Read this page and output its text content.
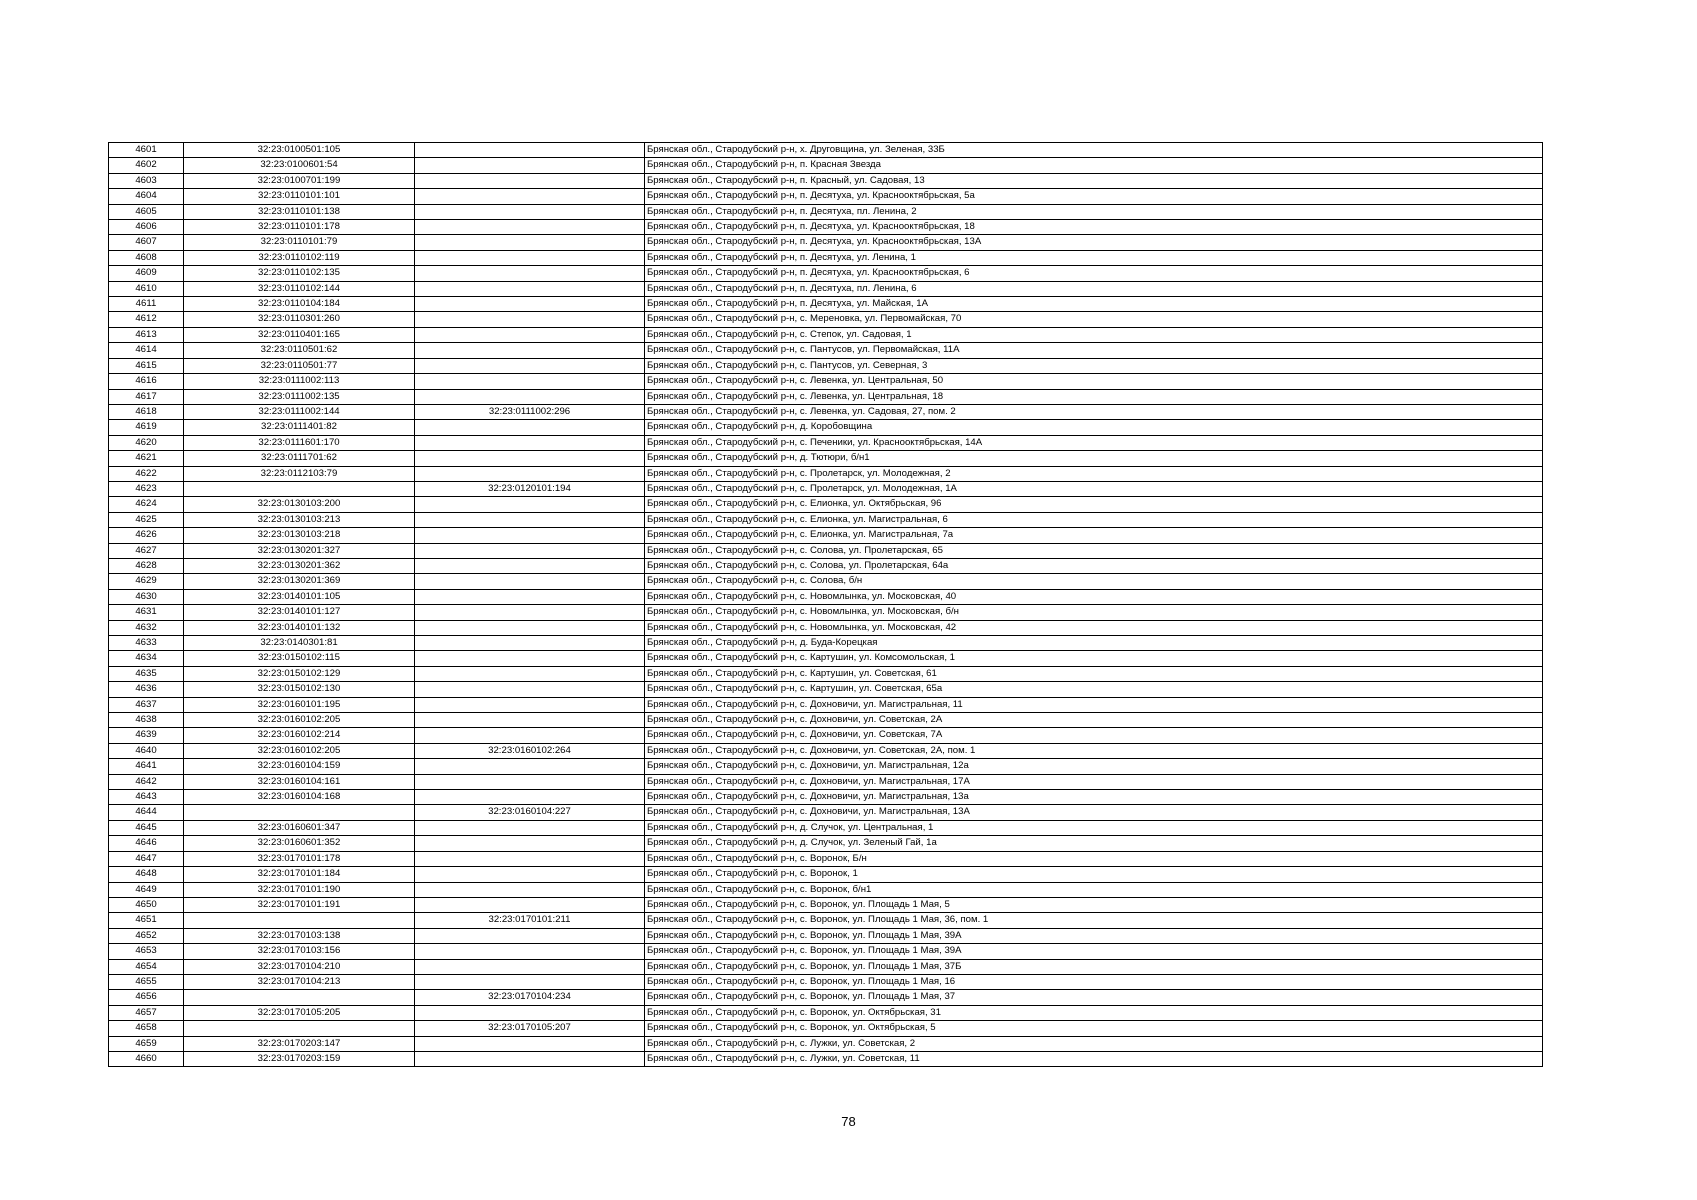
4601	32:23:0100501:105		Брянская обл., Стародубский р-н, х. Друговщина, ул. Зеленая, 33Б
4602	32:23:0100601:54		Брянская обл., Стародубский р-н, п. Красная Звезда
4603	32:23:0100701:199		Брянская обл., Стародубский р-н, п. Красный, ул. Садовая, 13
4604	32:23:0110101:101		Брянская обл., Стародубский р-н, п. Десятуха, ул. Краснооктябрьская, 5а
4605	32:23:0110101:138		Брянская обл., Стародубский р-н, п. Десятуха, пл. Ленина, 2
4606	32:23:0110101:178		Брянская обл., Стародубский р-н, п. Десятуха, ул. Краснооктябрьская, 18
4607	32:23:0110101:79		Брянская обл., Стародубский р-н, п. Десятуха, ул. Краснооктябрьская, 13А
4608	32:23:0110102:119		Брянская обл., Стародубский р-н, п. Десятуха, ул. Ленина, 1
4609	32:23:0110102:135		Брянская обл., Стародубский р-н, п. Десятуха, ул. Краснооктябрьская, 6
4610	32:23:0110102:144		Брянская обл., Стародубский р-н, п. Десятуха, пл. Ленина, 6
4611	32:23:0110104:184		Брянская обл., Стародубский р-н, п. Десятуха, ул. Майская, 1А
4612	32:23:0110301:260		Брянская обл., Стародубский р-н, с. Мереновка, ул. Первомайская, 70
4613	32:23:0110401:165		Брянская обл., Стародубский р-н, с. Степок, ул. Садовая, 1
4614	32:23:0110501:62		Брянская обл., Стародубский р-н, с. Пантусов, ул. Первомайская, 11А
4615	32:23:0110501:77		Брянская обл., Стародубский р-н, с. Пантусов, ул. Северная, 3
4616	32:23:0111002:113		Брянская обл., Стародубский р-н, с. Левенка, ул. Центральная, 50
4617	32:23:0111002:135		Брянская обл., Стародубский р-н, с. Левенка, ул. Центральная, 18
4618	32:23:0111002:144	32:23:0111002:296	Брянская обл., Стародубский р-н, с. Левенка, ул. Садовая, 27, пом. 2
4619	32:23:0111401:82		Брянская обл., Стародубский р-н, д. Коробовщина
4620	32:23:0111601:170		Брянская обл., Стародубский р-н, с. Печеники, ул. Краснооктябрьская, 14А
4621	32:23:0111701:62		Брянская обл., Стародубский р-н, д. Тютюри, б/н1
4622	32:23:0112103:79		Брянская обл., Стародубский р-н, с. Пролетарск, ул. Молодежная, 2
4623		32:23:0120101:194	Брянская обл., Стародубский р-н, с. Пролетарск, ул. Молодежная, 1А
4624	32:23:0130103:200		Брянская обл., Стародубский р-н, с. Елионка, ул. Октябрьская, 96
4625	32:23:0130103:213		Брянская обл., Стародубский р-н, с. Елионка, ул. Магистральная, 6
4626	32:23:0130103:218		Брянская обл., Стародубский р-н, с. Елионка, ул. Магистральная, 7а
4627	32:23:0130201:327		Брянская обл., Стародубский р-н, с. Солова, ул. Пролетарская, 65
4628	32:23:0130201:362		Брянская обл., Стародубский р-н, с. Солова, ул. Пролетарская, 64а
4629	32:23:0130201:369		Брянская обл., Стародубский р-н, с. Солова, б/н
4630	32:23:0140101:105		Брянская обл., Стародубский р-н, с. Новомлынка, ул. Московская, 40
4631	32:23:0140101:127		Брянская обл., Стародубский р-н, с. Новомлынка, ул. Московская, б/н
4632	32:23:0140101:132		Брянская обл., Стародубский р-н, с. Новомлынка, ул. Московская, 42
4633	32:23:0140301:81		Брянская обл., Стародубский р-н, д. Буда-Корецкая
4634	32:23:0150102:115		Брянская обл., Стародубский р-н, с. Картушин, ул. Комсомольская, 1
4635	32:23:0150102:129		Брянская обл., Стародубский р-н, с. Картушин, ул. Советская, 61
4636	32:23:0150102:130		Брянская обл., Стародубский р-н, с. Картушин, ул. Советская, 65а
4637	32:23:0160101:195		Брянская обл., Стародубский р-н, с. Дохновичи, ул. Магистральная, 11
4638	32:23:0160102:205		Брянская обл., Стародубский р-н, с. Дохновичи, ул. Советская, 2А
4639	32:23:0160102:214		Брянская обл., Стародубский р-н, с. Дохновичи, ул. Советская, 7А
4640	32:23:0160102:205	32:23:0160102:264	Брянская обл., Стародубский р-н, с. Дохновичи, ул. Советская, 2А, пом. 1
4641	32:23:0160104:159		Брянская обл., Стародубский р-н, с. Дохновичи, ул. Магистральная, 12а
4642	32:23:0160104:161		Брянская обл., Стародубский р-н, с. Дохновичи, ул. Магистральная, 17А
4643	32:23:0160104:168		Брянская обл., Стародубский р-н, с. Дохновичи, ул. Магистральная, 13а
4644		32:23:0160104:227	Брянская обл., Стародубский р-н, с. Дохновичи, ул. Магистральная, 13А
4645	32:23:0160601:347		Брянская обл., Стародубский р-н, д. Случок, ул. Центральная, 1
4646	32:23:0160601:352		Брянская обл., Стародубский р-н, д. Случок, ул. Зеленый Гай, 1а
4647	32:23:0170101:178		Брянская обл., Стародубский р-н, с. Воронок, Б/н
4648	32:23:0170101:184		Брянская обл., Стародубский р-н, с. Воронок, 1
4649	32:23:0170101:190		Брянская обл., Стародубский р-н, с. Воронок, б/н1
4650	32:23:0170101:191		Брянская обл., Стародубский р-н, с. Воронок, ул. Площадь 1 Мая, 5
4651		32:23:0170101:211	Брянская обл., Стародубский р-н, с. Воронок, ул. Площадь 1 Мая, 36, пом. 1
4652	32:23:0170103:138		Брянская обл., Стародубский р-н, с. Воронок, ул. Площадь 1 Мая, 39А
4653	32:23:0170103:156		Брянская обл., Стародубский р-н, с. Воронок, ул. Площадь 1 Мая, 39А
4654	32:23:0170104:210		Брянская обл., Стародубский р-н, с. Воронок, ул. Площадь 1 Мая, 37Б
4655	32:23:0170104:213		Брянская обл., Стародубский р-н, с. Воронок, ул. Площадь 1 Мая, 16
4656		32:23:0170104:234	Брянская обл., Стародубский р-н, с. Воронок, ул. Площадь 1 Мая, 37
4657	32:23:0170105:205		Брянская обл., Стародубский р-н, с. Воронок, ул. Октябрьская, 31
4658		32:23:0170105:207	Брянская обл., Стародубский р-н, с. Воронок, ул. Октябрьская, 5
4659	32:23:0170203:147		Брянская обл., Стародубский р-н, с. Лужки, ул. Советская, 2
4660	32:23:0170203:159		Брянская обл., Стародубский р-н, с. Лужки, ул. Советская, 11
78
